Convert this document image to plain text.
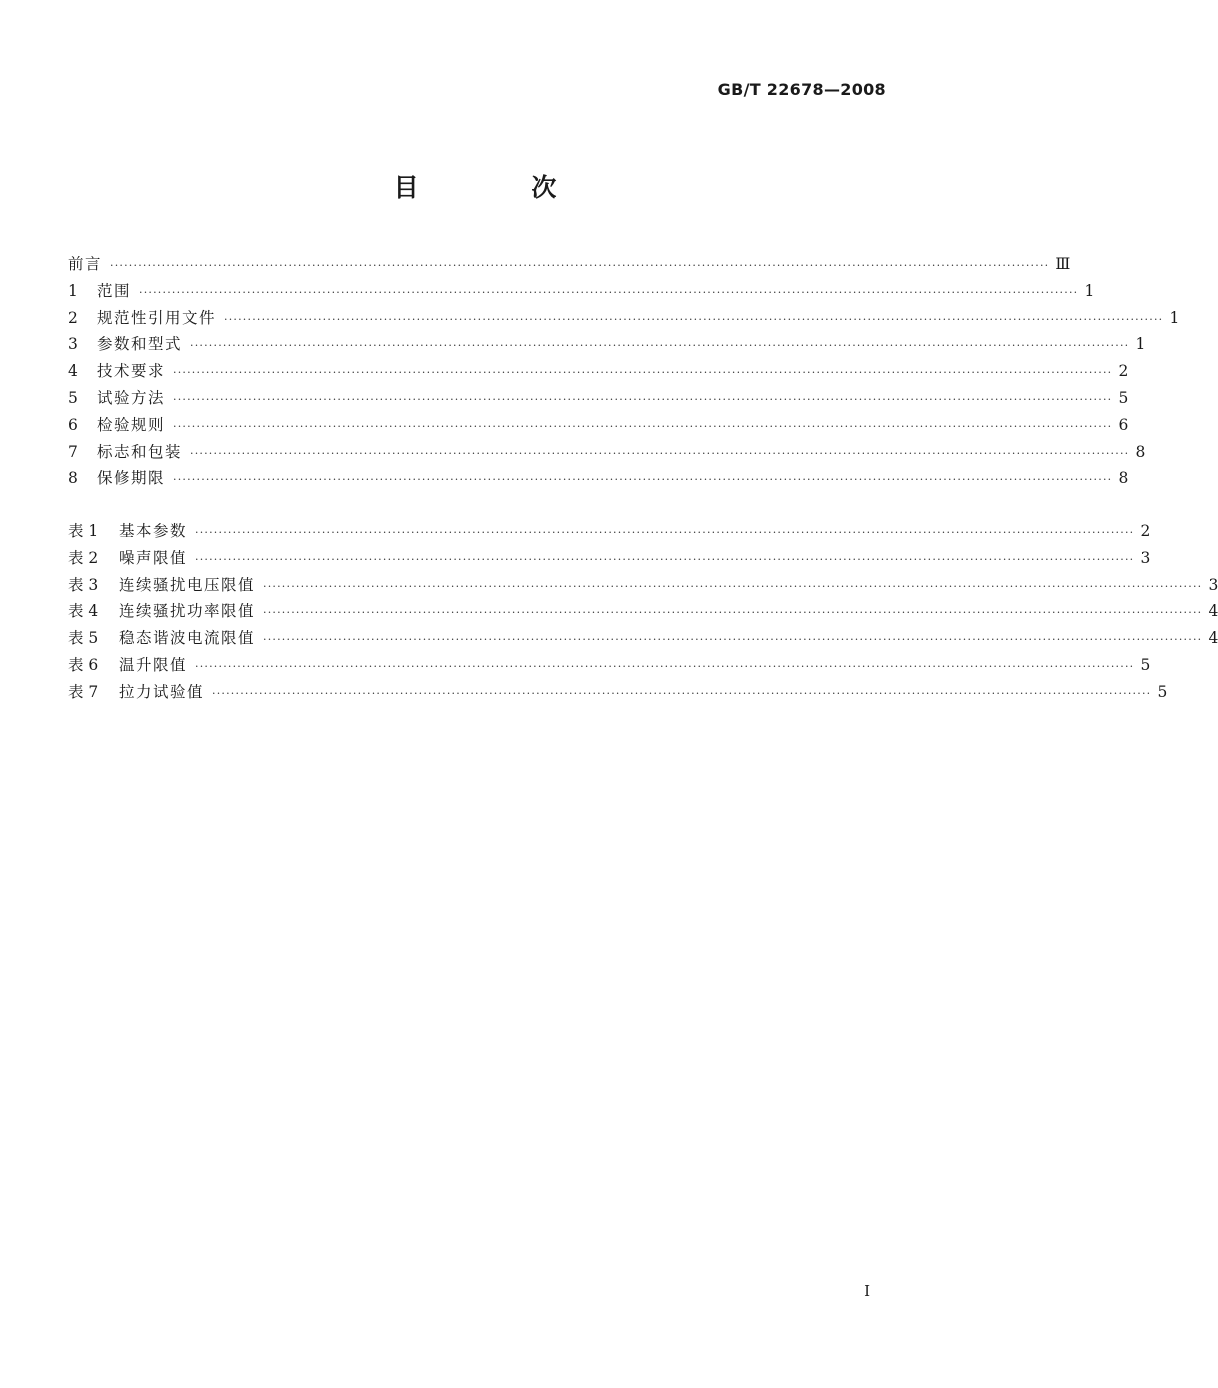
GB/T 22678—2008
目 次
前言 ········································································································································································································ Ⅲ
1	范围 ········································································································································································································ 1
2	规范性引用文件 ········································································································································································································ 1
3	参数和型式 ········································································································································································································ 1
4	技术要求 ········································································································································································································ 2
5	试验方法 ········································································································································································································ 5
6	检验规则 ········································································································································································································ 6
7	标志和包装 ········································································································································································································ 8
8	保修期限 ········································································································································································································ 8
表 1	基本参数 ········································································································································································································ 2
表 2	噪声限值 ········································································································································································································ 3
表 3	连续骚扰电压限值 ········································································································································································································ 3
表 4	连续骚扰功率限值 ········································································································································································································ 4
表 5	稳态谐波电流限值 ········································································································································································································ 4
表 6	温升限值 ········································································································································································································ 5
表 7	拉力试验值 ········································································································································································································ 5
I
